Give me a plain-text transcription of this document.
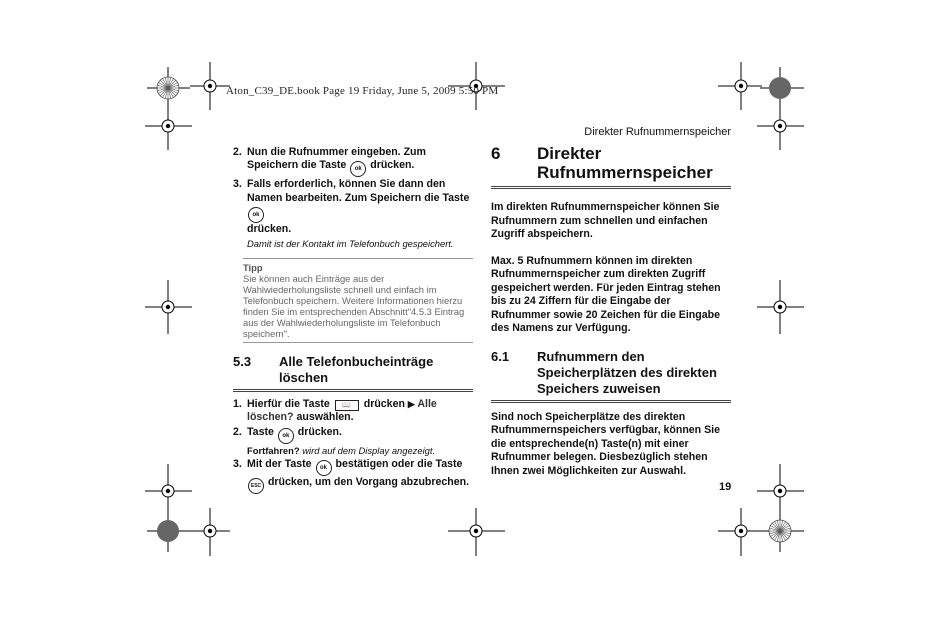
Aton_C39_DE.book Page 19 Friday, June 5, 2009 5:50 PM
Direkter Rufnummernspeicher
19
2. Nun die Rufnummer eingeben. Zum Speichern die Taste ok drücken.
3. Falls erforderlich, können Sie dann den Namen bearbeiten. Zum Speichern die Taste ok
drücken.
Damit ist der Kontakt im Telefonbuch gespeichert.
Tipp
Sie können auch Einträge aus der Wahlwiederholungsliste schnell und einfach im Telefonbuch speichern. Weitere Informationen hierzu finden Sie im entsprechenden Abschnitt"4.5.3 Eintrag aus der Wahlwiederholungsliste im Telefonbuch speichern".
5.3	Alle Telefonbucheinträge löschen
1. Hierfür die Taste 📖 drücken ▶ Alle löschen? auswählen.
2. Taste ok drücken.
Fortfahren? wird auf dem Display angezeigt.
3. Mit der Taste ok bestätigen oder die Taste ESC drücken, um den Vorgang abzubrechen.
6	Direkter Rufnummernspeicher

Im direkten Rufnummernspeicher können Sie Rufnummern zum schnellen und einfachen Zugriff abspeichern.

Max. 5 Rufnummern können im direkten Rufnummernspeicher zum direkten Zugriff gespeichert werden. Für jeden Eintrag stehen bis zu 24 Ziffern für die Eingabe der Rufnummer sowie 20 Zeichen für die Eingabe des Namens zur Verfügung.

6.1	Rufnummern den Speicherplätzen des direkten Speichers zuweisen

Sind noch Speicherplätze des direkten Rufnummernspeichers verfügbar, können Sie die entsprechende(n) Taste(n) mit einer Rufnummer belegen. Diesbezüglich stehen Ihnen zwei Möglichkeiten zur Auswahl.
